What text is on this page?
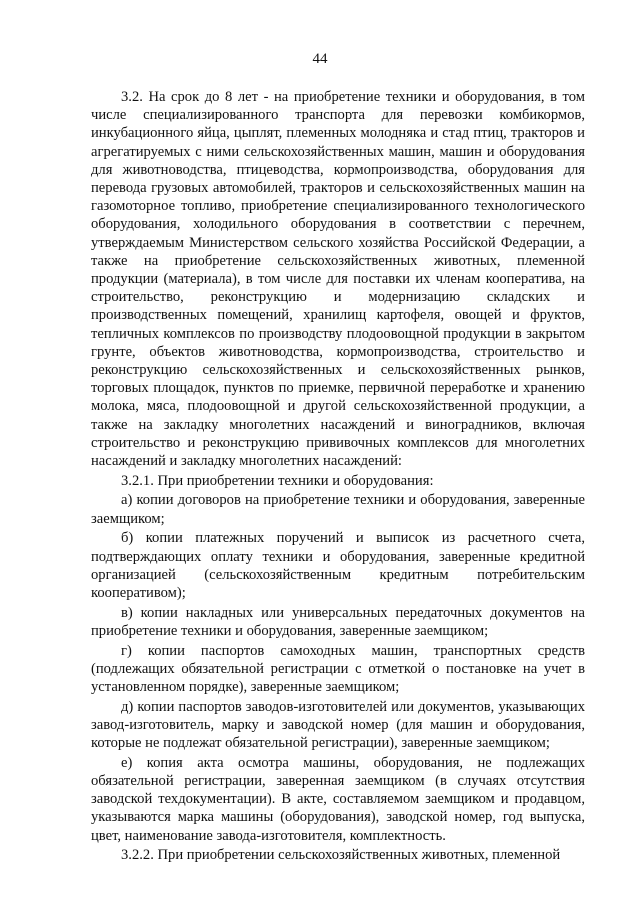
44

3.2. На срок до 8 лет - на приобретение техники и оборудования, в том числе специализированного транспорта для перевозки комбикормов, инкубационного яйца, цыплят, племенных молодняка и стад птиц, тракторов и агрегатируемых с ними сельскохозяйственных машин, машин и оборудования для животноводства, птицеводства, кормопроизводства, оборудования для перевода грузовых автомобилей, тракторов и сельскохозяйственных машин на газомоторное топливо, приобретение специализированного технологического оборудования, холодильного оборудования в соответствии с перечнем, утверждаемым Министерством сельского хозяйства Российской Федерации, а также на приобретение сельскохозяйственных животных, племенной продукции (материала), в том числе для поставки их членам кооператива, на строительство, реконструкцию и модернизацию складских и производственных помещений, хранилищ картофеля, овощей и фруктов, тепличных комплексов по производству плодоовощной продукции в закрытом грунте, объектов животноводства, кормопроизводства, строительство и реконструкцию сельскохозяйственных и сельскохозяйственных рынков, торговых площадок, пунктов по приемке, первичной переработке и хранению молока, мяса, плодоовощной и другой сельскохозяйственной продукции, а также на закладку многолетних насаждений и виноградников, включая строительство и реконструкцию прививочных комплексов для многолетних насаждений и закладку многолетних насаждений:

3.2.1. При приобретении техники и оборудования:

а) копии договоров на приобретение техники и оборудования, заверенные заемщиком;

б) копии платежных поручений и выписок из расчетного счета, подтверждающих оплату техники и оборудования, заверенные кредитной организацией (сельскохозяйственным кредитным потребительским кооперативом);

в) копии накладных или универсальных передаточных документов на приобретение техники и оборудования, заверенные заемщиком;

г) копии паспортов самоходных машин, транспортных средств (подлежащих обязательной регистрации с отметкой о постановке на учет в установленном порядке), заверенные заемщиком;

д) копии паспортов заводов-изготовителей или документов, указывающих завод-изготовитель, марку и заводской номер (для машин и оборудования, которые не подлежат обязательной регистрации), заверенные заемщиком;

е) копия акта осмотра машины, оборудования, не подлежащих обязательной регистрации, заверенная заемщиком (в случаях отсутствия заводской техдокументации). В акте, составляемом заемщиком и продавцом, указываются марка машины (оборудования), заводской номер, год выпуска, цвет, наименование завода-изготовителя, комплектность.

3.2.2. При приобретении сельскохозяйственных животных, племенной
